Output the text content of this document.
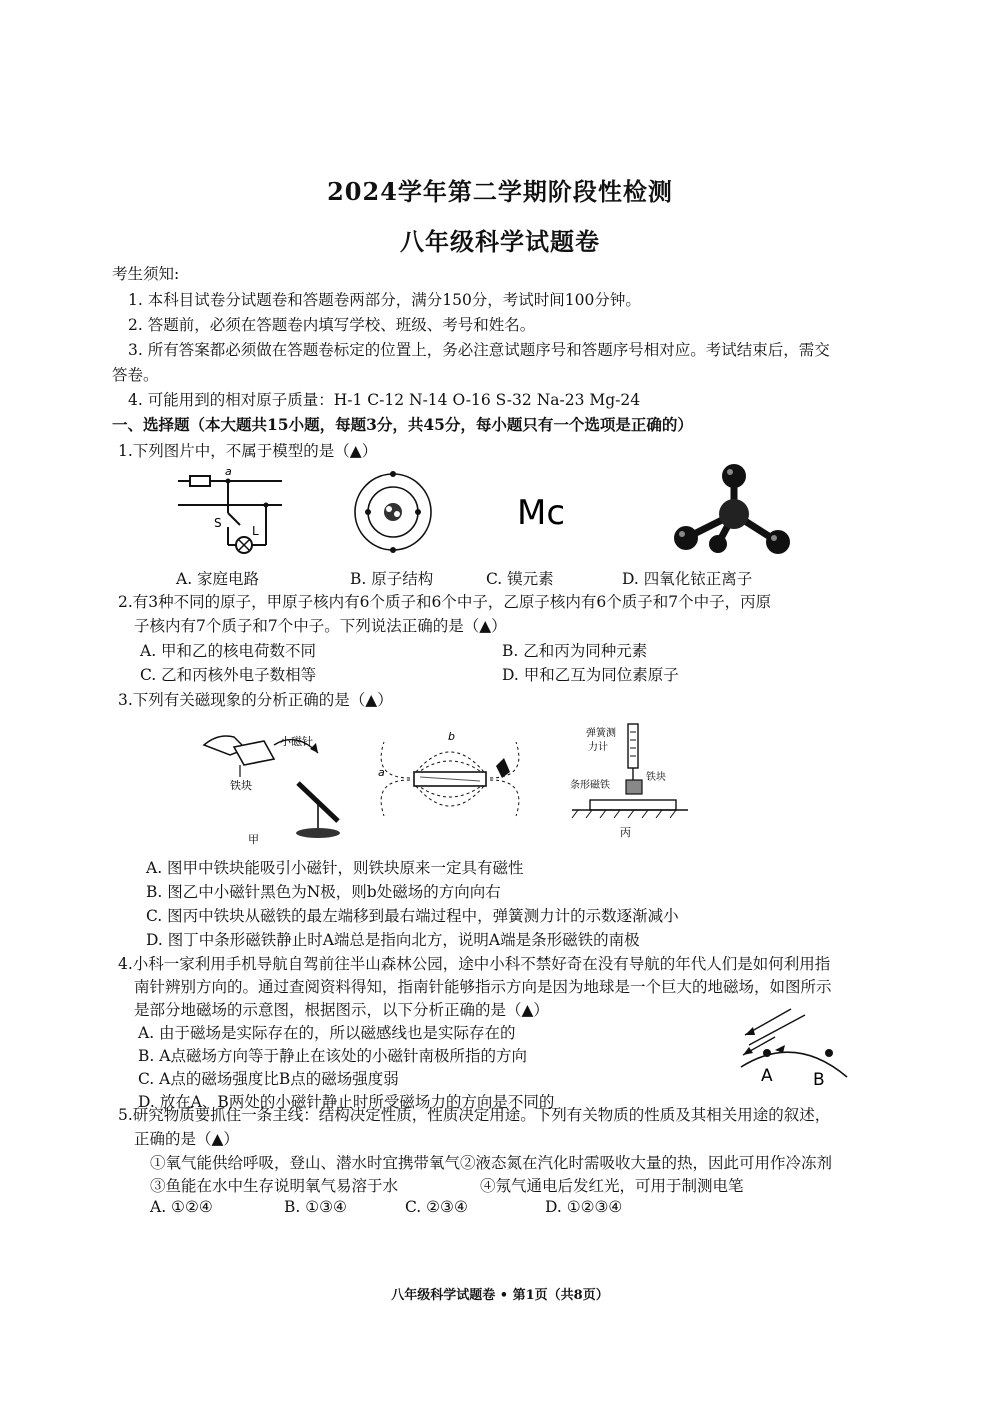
2024学年第二学期阶段性检测
八年级科学试题卷
考生须知:
1. 本科目试卷分试题卷和答题卷两部分，满分150分，考试时间100分钟。
2. 答题前，必须在答题卷内填写学校、班级、考号和姓名。
3. 所有答案都必须做在答题卷标定的位置上，务必注意试题序号和答题序号相对应。考试结束后，需交
答卷。
4. 可能用到的相对原子质量：H-1 C-12 N-14 O-16 S-32 Na-23 Mg-24
一、选择题（本大题共15小题，每题3分，共45分，每小题只有一个选项是正确的）
1.下列图片中，不属于模型的是（▲）
a
S
L	Mc
A. 家庭电路	B. 原子结构	C. 镆元素	D. 四氧化铱正离子
2.有3种不同的原子，甲原子核内有6个质子和6个中子，乙原子核内有6个质子和7个中子，丙原
子核内有7个质子和7个中子。下列说法正确的是（▲）
A. 甲和乙的核电荷数不同	B. 乙和丙为同种元素
C. 乙和丙核外电子数相等	D. 甲和乙互为同位素原子
3.下列有关磁现象的分析正确的是（▲）
小磁针
铁块
甲
b
a
弹簧测
力计
条形磁铁
铁块
丙
A. 图甲中铁块能吸引小磁针，则铁块原来一定具有磁性
B. 图乙中小磁针黑色为N极，则b处磁场的方向向右
C. 图丙中铁块从磁铁的最左端移到最右端过程中，弹簧测力计的示数逐渐减小
D. 图丁中条形磁铁静止时A端总是指向北方，说明A端是条形磁铁的南极
4.小科一家利用手机导航自驾前往半山森林公园，途中小科不禁好奇在没有导航的年代人们是如何利用指
南针辨别方向的。通过查阅资料得知，指南针能够指示方向是因为地球是一个巨大的地磁场，如图所示
是部分地磁场的示意图，根据图示，以下分析正确的是（▲）
A. 由于磁场是实际存在的，所以磁感线也是实际存在的
B. A点磁场方向等于静止在该处的小磁针南极所指的方向
C. A点的磁场强度比B点的磁场强度弱
D. 放在A、B两处的小磁针静止时所受磁场力的方向是不同的
A B
5.研究物质要抓住一条主线：结构决定性质，性质决定用途。下列有关物质的性质及其相关用途的叙述，
正确的是（▲）
①氧气能供给呼吸，登山、潜水时宜携带氧气②液态氮在汽化时需吸收大量的热，因此可用作冷冻剂
③鱼能在水中生存说明氧气易溶于水	④氖气通电后发红光，可用于制测电笔
A. ①②④	B. ①③④	C. ②③④	D. ①②③④
八年级科学试题卷 • 第1页（共8页）
